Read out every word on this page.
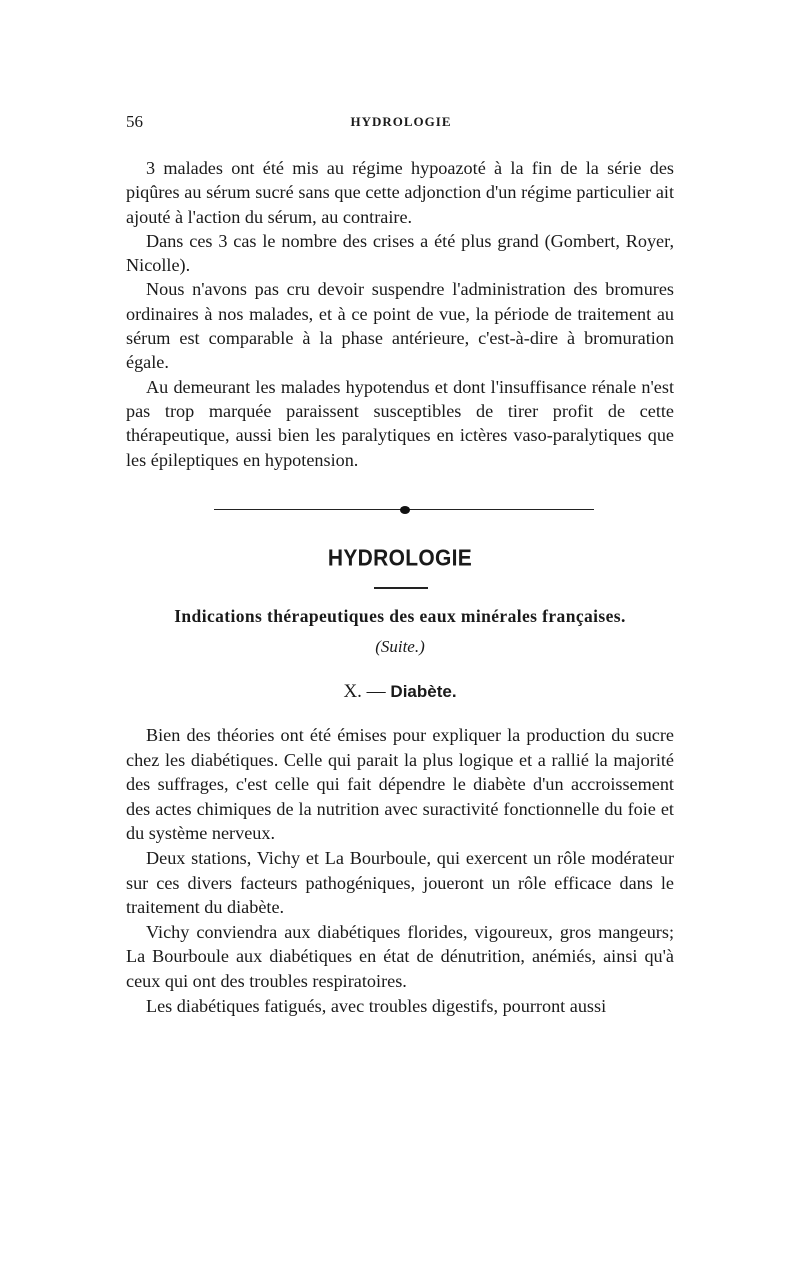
56	HYDROLOGIE

3 malades ont été mis au régime hypoazoté à la fin de la série des piqûres au sérum sucré sans que cette adjonction d'un régime particulier ait ajouté à l'action du sérum, au contraire.

Dans ces 3 cas le nombre des crises a été plus grand (Gombert, Royer, Nicolle).

Nous n'avons pas cru devoir suspendre l'administration des bromures ordinaires à nos malades, et à ce point de vue, la période de traitement au sérum est comparable à la phase antérieure, c'est-à-dire à bromuration égale.

Au demeurant les malades hypotendus et dont l'insuffisance rénale n'est pas trop marquée paraissent susceptibles de tirer profit de cette thérapeutique, aussi bien les paralytiques en ictères vaso-paralytiques que les épileptiques en hypotension.

HYDROLOGIE
Indications thérapeutiques des eaux minérales françaises.
(Suite.)
X. — Diabète.

Bien des théories ont été émises pour expliquer la production du sucre chez les diabétiques. Celle qui parait la plus logique et a rallié la majorité des suffrages, c'est celle qui fait dépendre le diabète d'un accroissement des actes chimiques de la nutrition avec suractivité fonctionnelle du foie et du système nerveux.

Deux stations, Vichy et La Bourboule, qui exercent un rôle modérateur sur ces divers facteurs pathogéniques, joueront un rôle efficace dans le traitement du diabète.

Vichy conviendra aux diabétiques florides, vigoureux, gros mangeurs; La Bourboule aux diabétiques en état de dénutrition, anémiés, ainsi qu'à ceux qui ont des troubles respiratoires.

Les diabétiques fatigués, avec troubles digestifs, pourront aussi
